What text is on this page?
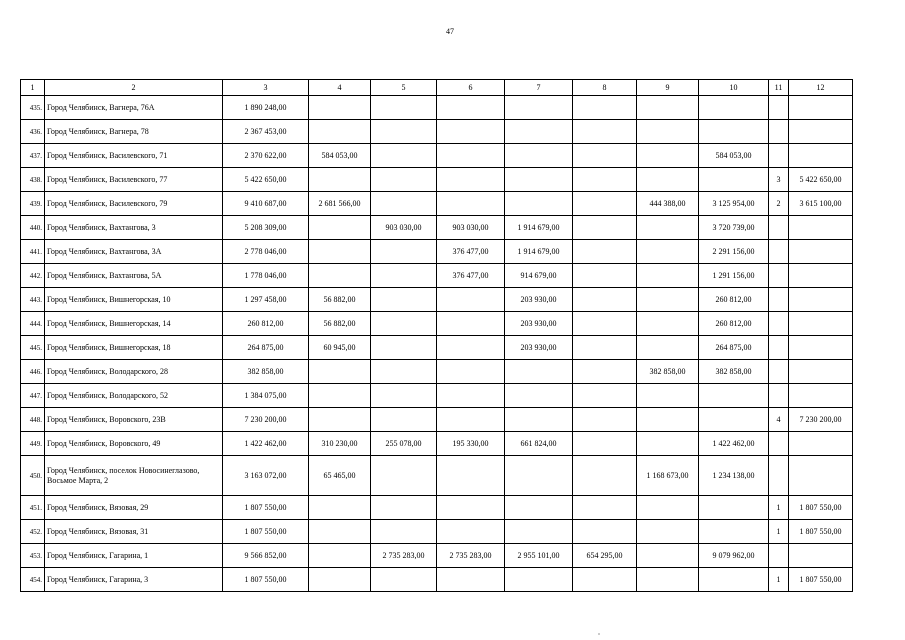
47
1	2	3	4	5	6	7	8	9	10	11	12
435.	Город Челябинск, Вагнера, 76А	1 890 248,00									
436.	Город Челябинск, Вагнера, 78	2 367 453,00									
437.	Город Челябинск, Василевского, 71	2 370 622,00	584 053,00						584 053,00		
438.	Город Челябинск, Василевского, 77	5 422 650,00								3	5 422 650,00
439.	Город Челябинск, Василевского, 79	9 410 687,00	2 681 566,00					444 388,00	3 125 954,00	2	3 615 100,00
440.	Город Челябинск, Вахтангова, 3	5 208 309,00		903 030,00	903 030,00	1 914 679,00			3 720 739,00		
441.	Город Челябинск, Вахтангова, 3А	2 778 046,00			376 477,00	1 914 679,00			2 291 156,00		
442.	Город Челябинск, Вахтангова, 5А	1 778 046,00			376 477,00	914 679,00			1 291 156,00		
443.	Город Челябинск, Вишнегорская, 10	1 297 458,00	56 882,00			203 930,00			260 812,00		
444.	Город Челябинск, Вишнегорская, 14	260 812,00	56 882,00			203 930,00			260 812,00		
445.	Город Челябинск, Вишнегорская, 18	264 875,00	60 945,00			203 930,00			264 875,00		
446.	Город Челябинск, Володарского, 28	382 858,00						382 858,00	382 858,00		
447.	Город Челябинск, Володарского, 52	1 384 075,00									
448.	Город Челябинск, Воровского, 23В	7 230 200,00								4	7 230 200,00
449.	Город Челябинск, Воровского, 49	1 422 462,00	310 230,00	255 078,00	195 330,00	661 824,00			1 422 462,00		
450.	Город Челябинск, поселок Новосинеглазово, Восьмое Марта, 2	3 163 072,00	65 465,00					1 168 673,00	1 234 138,00		
451.	Город Челябинск, Вязовая, 29	1 807 550,00								1	1 807 550,00
452.	Город Челябинск, Вязовая, 31	1 807 550,00								1	1 807 550,00
453.	Город Челябинск, Гагарина, 1	9 566 852,00		2 735 283,00	2 735 283,00	2 955 101,00	654 295,00		9 079 962,00		
454.	Город Челябинск, Гагарина, 3	1 807 550,00								1	1 807 550,00
